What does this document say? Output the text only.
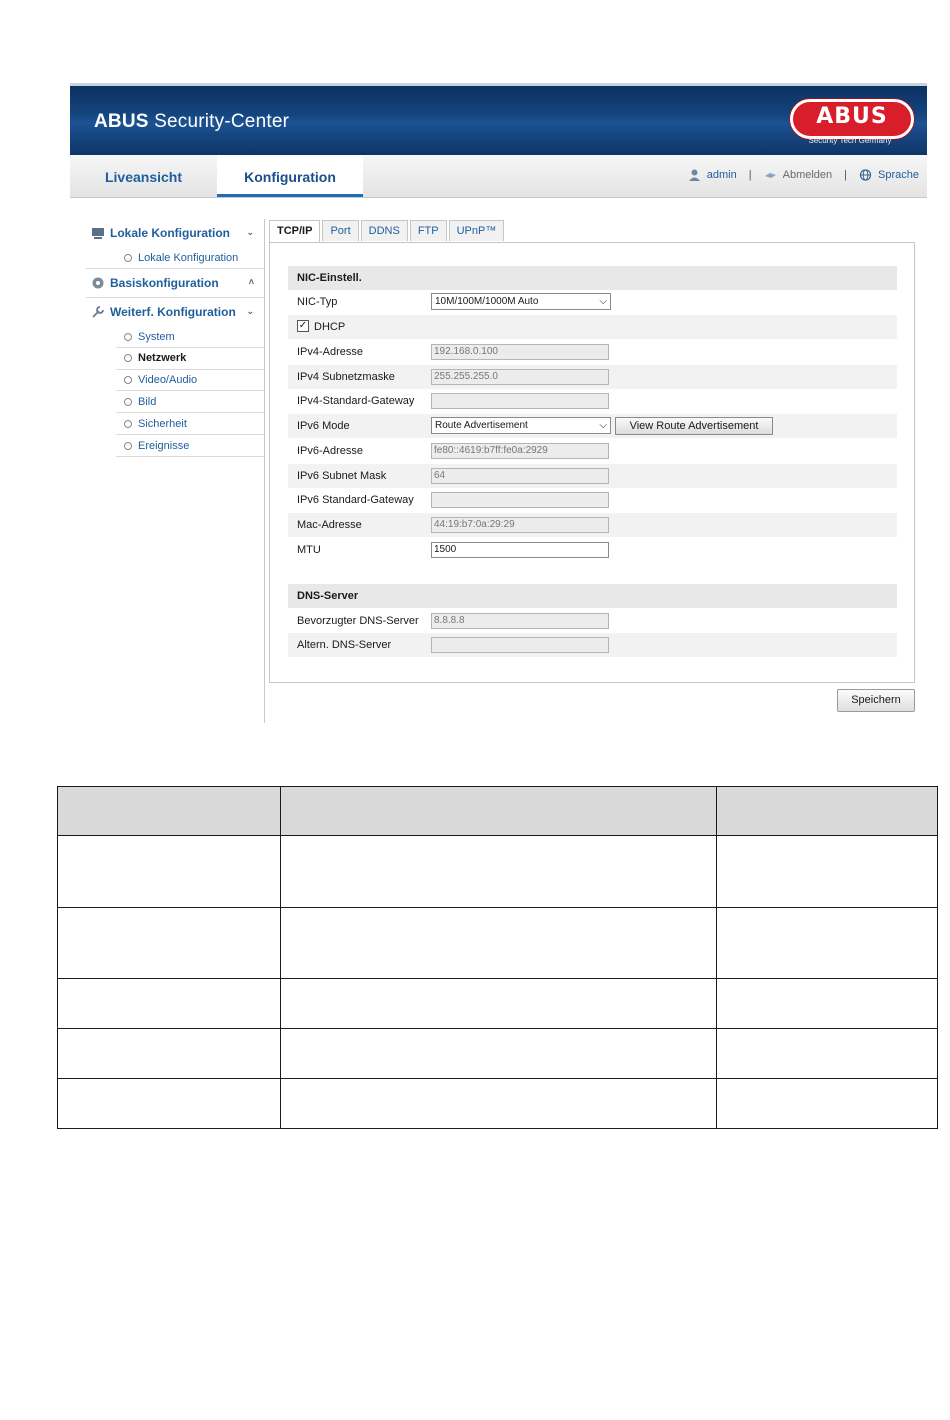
ABUS Security-Center	ABUS
Security Tech Germany
Liveansicht	Konfiguration	admin	|	Abmelden	|	Sprache
Lokale Konfiguration ⌄
Lokale Konfiguration
Basiskonfiguration	˄
Weiterf. Konfiguration ⌄
System
Netzwerk
Video/Audio
Bild
Sicherheit
Ereignisse
TCP/IP	Port	DDNS	FTP	UPnP™
NIC-Einstell.
NIC-Typ	10M/100M/1000M Auto	⌵
✓ DHCP
IPv4-Adresse	192.168.0.100
IPv4 Subnetzmaske	255.255.255.0
IPv4-Standard-Gateway
IPv6 Mode	Route Advertisement	⌵	View Route Advertisement
IPv6-Adresse	fe80::4619:b7ff:fe0a:2929
IPv6 Subnet Mask	64
IPv6 Standard-Gateway
Mac-Adresse	44:19:b7:0a:29:29
MTU	1500
DNS-Server
Bevorzugter DNS-Server	8.8.8.8
Altern. DNS-Server
Speichern
